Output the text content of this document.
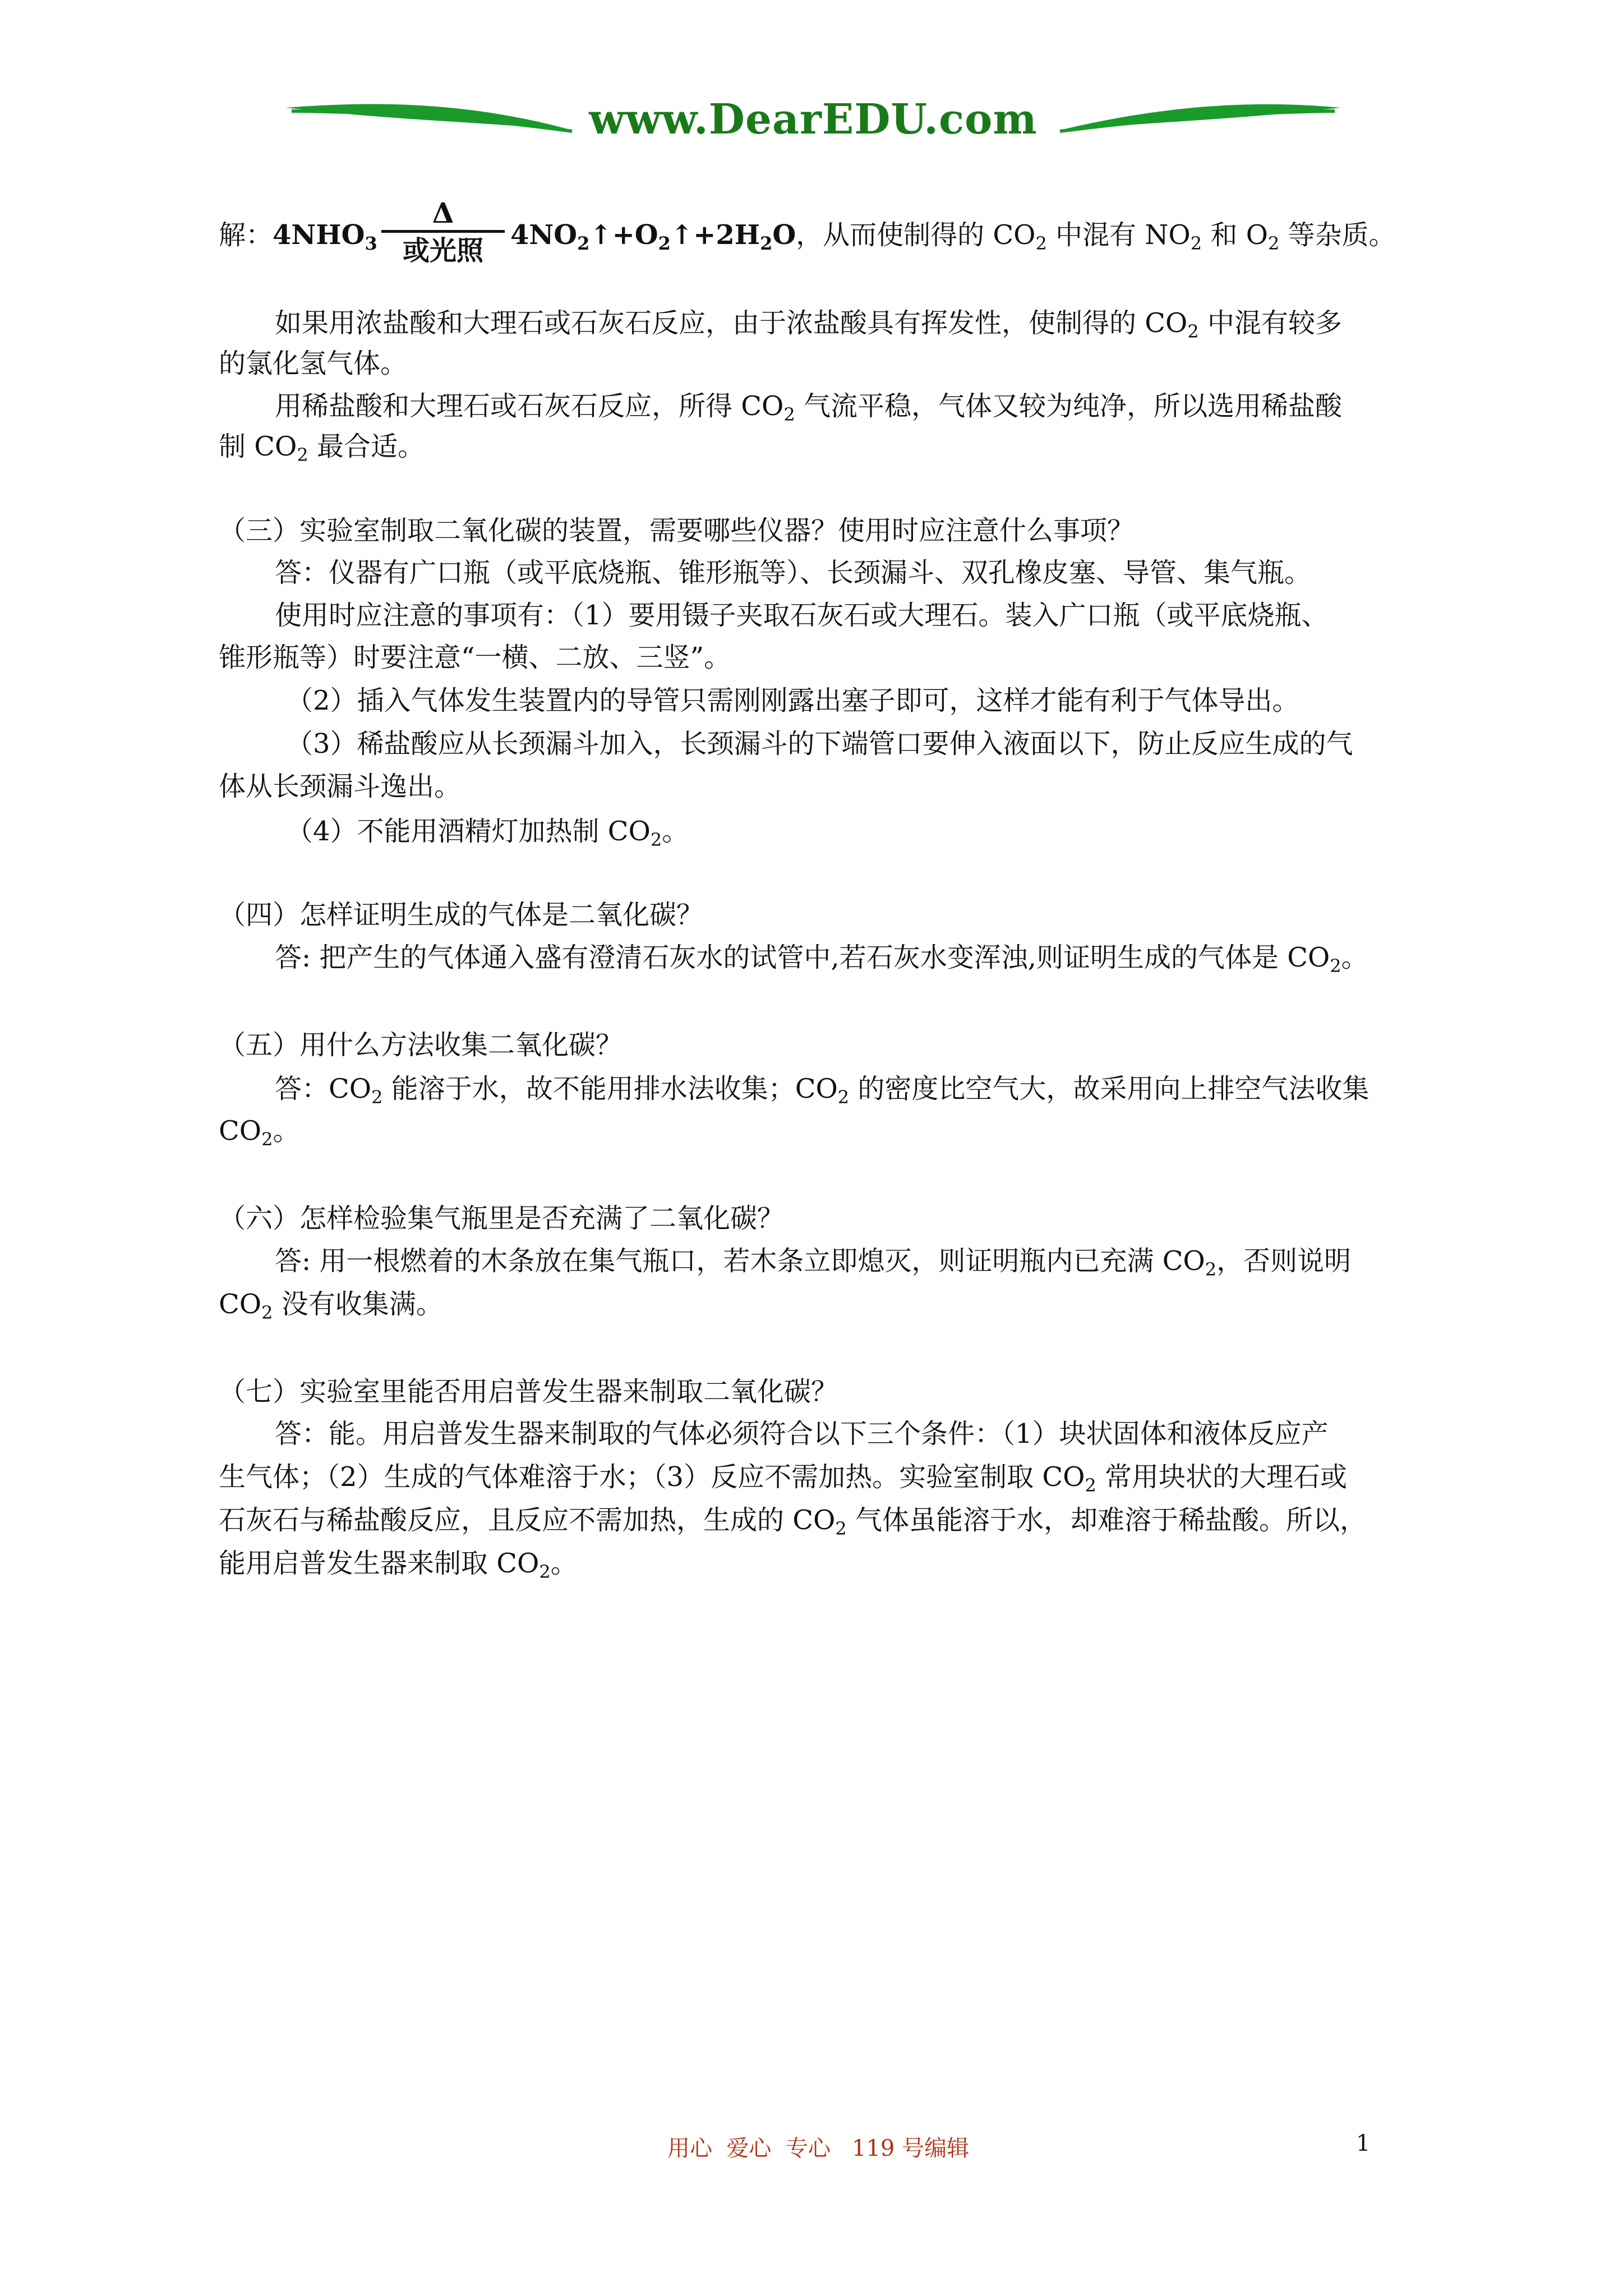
www.DearEDU.com
解：$4NHO_3$
Δ
或光照	$4NO_2↑+O_2↑+2H_2O$，从而使制得的 $CO_2$ 中混有 $NO_2$ 和 $O_2$ 等杂质。
如果用浓盐酸和大理石或石灰石反应，由于浓盐酸具有挥发性，使制得的 $CO_2$ 中混有较多
的氯化氢气体。
用稀盐酸和大理石或石灰石反应，所得 $CO_2$ 气流平稳，气体又较为纯净，所以选用稀盐酸
制 $CO_2$ 最合适。
（三）实验室制取二氧化碳的装置，需要哪些仪器？使用时应注意什么事项？
答：仪器有广口瓶（或平底烧瓶、锥形瓶等）、长颈漏斗、双孔橡皮塞、导管、集气瓶。
使用时应注意的事项有：（1）要用镊子夹取石灰石或大理石。装入广口瓶（或平底烧瓶、
锥形瓶等）时要注意“一横、二放、三竖”。
（2）插入气体发生装置内的导管只需刚刚露出塞子即可，这样才能有利于气体导出。
（3）稀盐酸应从长颈漏斗加入，长颈漏斗的下端管口要伸入液面以下，防止反应生成的气
体从长颈漏斗逸出。
（4）不能用酒精灯加热制 $CO_2$。
（四）怎样证明生成的气体是二氧化碳？
答: 把产生的气体通入盛有澄清石灰水的试管中,若石灰水变浑浊,则证明生成的气体是 $CO_2$。
（五）用什么方法收集二氧化碳？
答：$CO_2$ 能溶于水，故不能用排水法收集；$CO_2$ 的密度比空气大，故采用向上排空气法收集
$CO_2$。
（六）怎样检验集气瓶里是否充满了二氧化碳？
答: 用一根燃着的木条放在集气瓶口，若木条立即熄灭，则证明瓶内已充满 $CO_2$，否则说明
$CO_2$ 没有收集满。
（七）实验室里能否用启普发生器来制取二氧化碳？
答：能。用启普发生器来制取的气体必须符合以下三个条件：（1）块状固体和液体反应产
生气体；（2）生成的气体难溶于水；（3）反应不需加热。实验室制取 $CO_2$ 常用块状的大理石或
石灰石与稀盐酸反应，且反应不需加热，生成的 $CO_2$ 气体虽能溶于水，却难溶于稀盐酸。所以，
能用启普发生器来制取 $CO_2$。
用心  爱心  专心   119 号编辑	1
